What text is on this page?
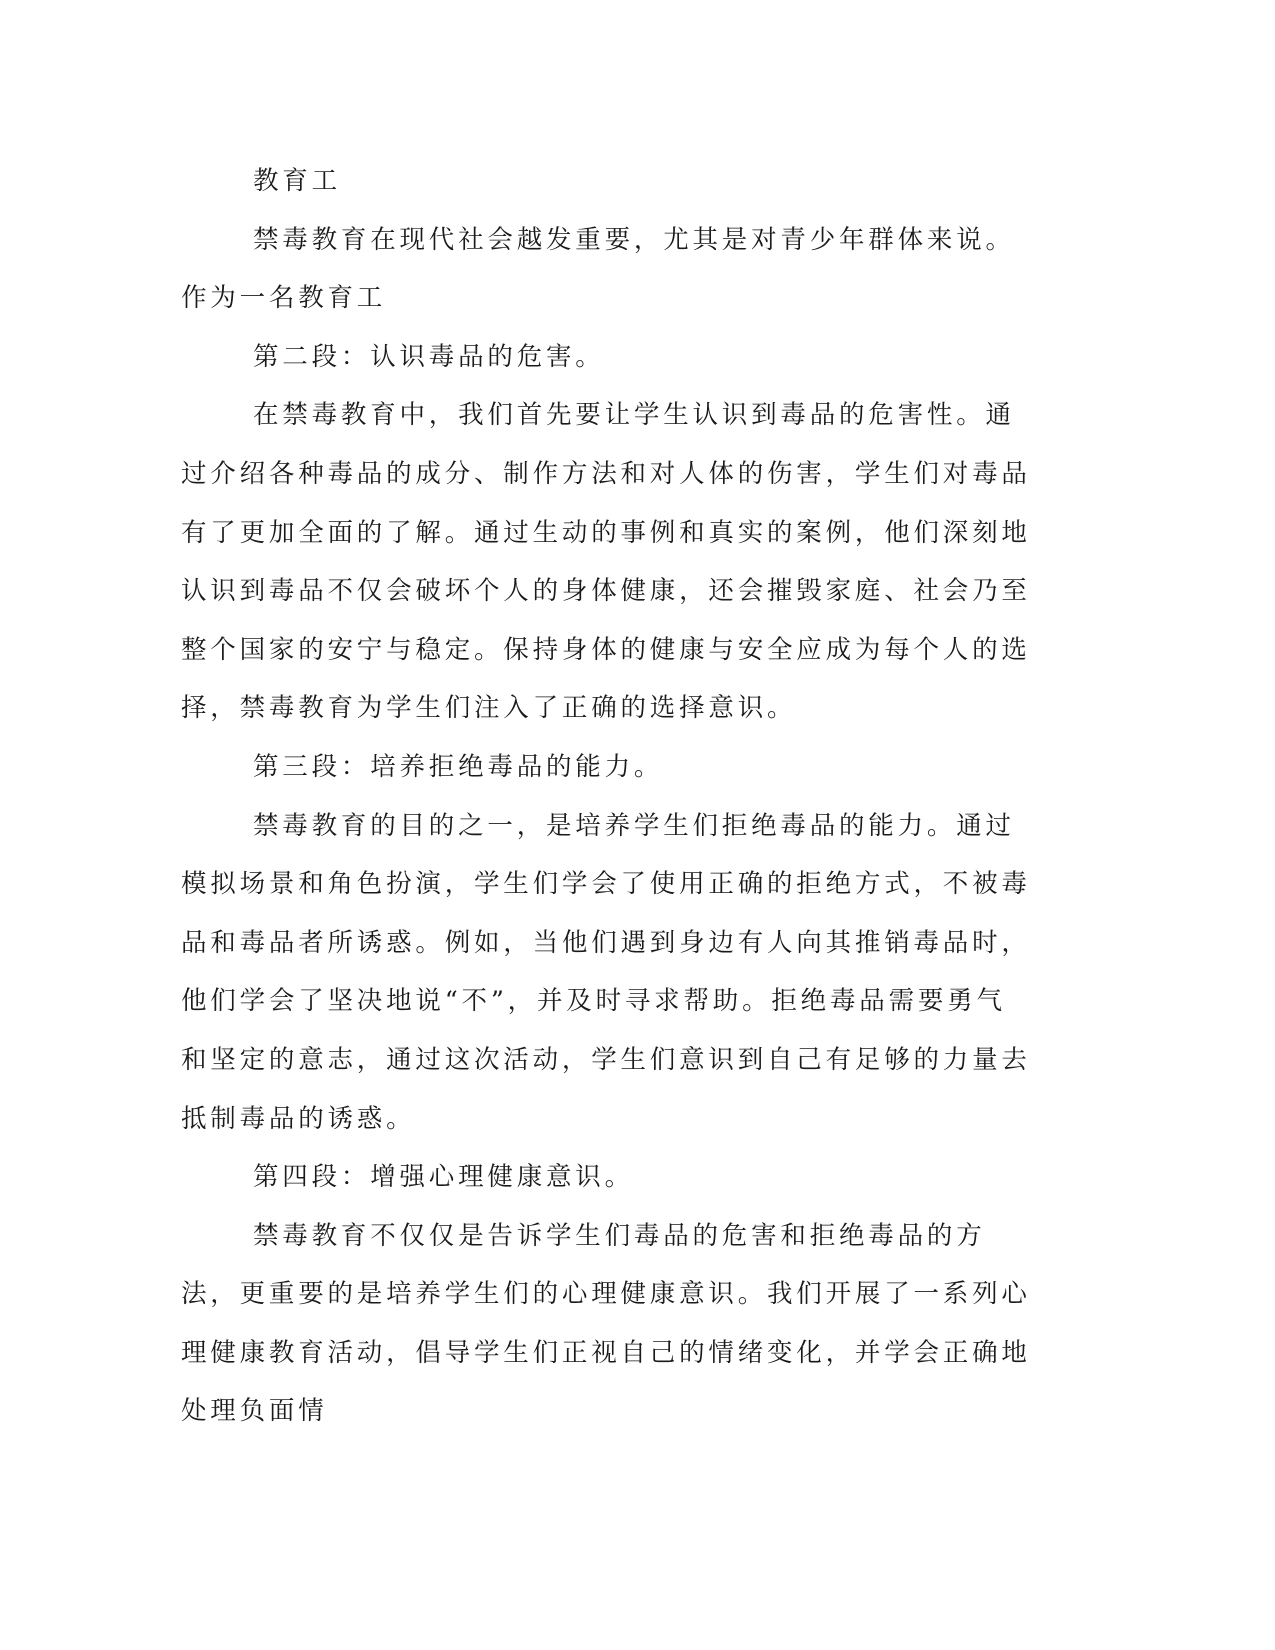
教育工

禁毒教育在现代社会越发重要，尤其是对青少年群体来说。作为一名教育工

第二段：认识毒品的危害。

在禁毒教育中，我们首先要让学生认识到毒品的危害性。通过介绍各种毒品的成分、制作方法和对人体的伤害，学生们对毒品有了更加全面的了解。通过生动的事例和真实的案例，他们深刻地认识到毒品不仅会破坏个人的身体健康，还会摧毁家庭、社会乃至整个国家的安宁与稳定。保持身体的健康与安全应成为每个人的选择，禁毒教育为学生们注入了正确的选择意识。

第三段：培养拒绝毒品的能力。

禁毒教育的目的之一，是培养学生们拒绝毒品的能力。通过模拟场景和角色扮演，学生们学会了使用正确的拒绝方式，不被毒品和毒品者所诱惑。例如，当他们遇到身边有人向其推销毒品时，他们学会了坚决地说“不”，并及时寻求帮助。拒绝毒品需要勇气和坚定的意志，通过这次活动，学生们意识到自己有足够的力量去抵制毒品的诱惑。

第四段：增强心理健康意识。

禁毒教育不仅仅是告诉学生们毒品的危害和拒绝毒品的方法，更重要的是培养学生们的心理健康意识。我们开展了一系列心理健康教育活动，倡导学生们正视自己的情绪变化，并学会正确地处理负面情
